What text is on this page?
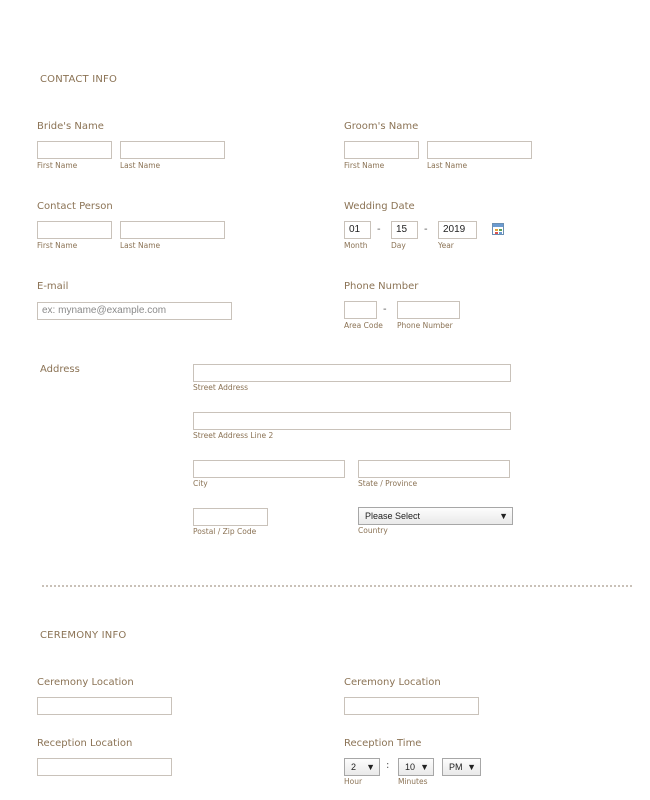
CONTACT INFO
Bride's Name
First Name	Last Name
Groom's Name
First Name	Last Name
Contact Person
First Name	Last Name
Wedding Date
01	-	15	-	2019
Month	Day	Year
E-mail
ex: myname@example.com
Phone Number
-
Area Code Phone Number
Address
Street Address
Street Address Line 2
City	State / Province
Postal / Zip Code
Please Select	▼
Country
CEREMONY INFO
Ceremony Location	Ceremony Location
Reception Location	Reception Time
2 ▼ :	10 ▼	PM ▼
Hour	Minutes
